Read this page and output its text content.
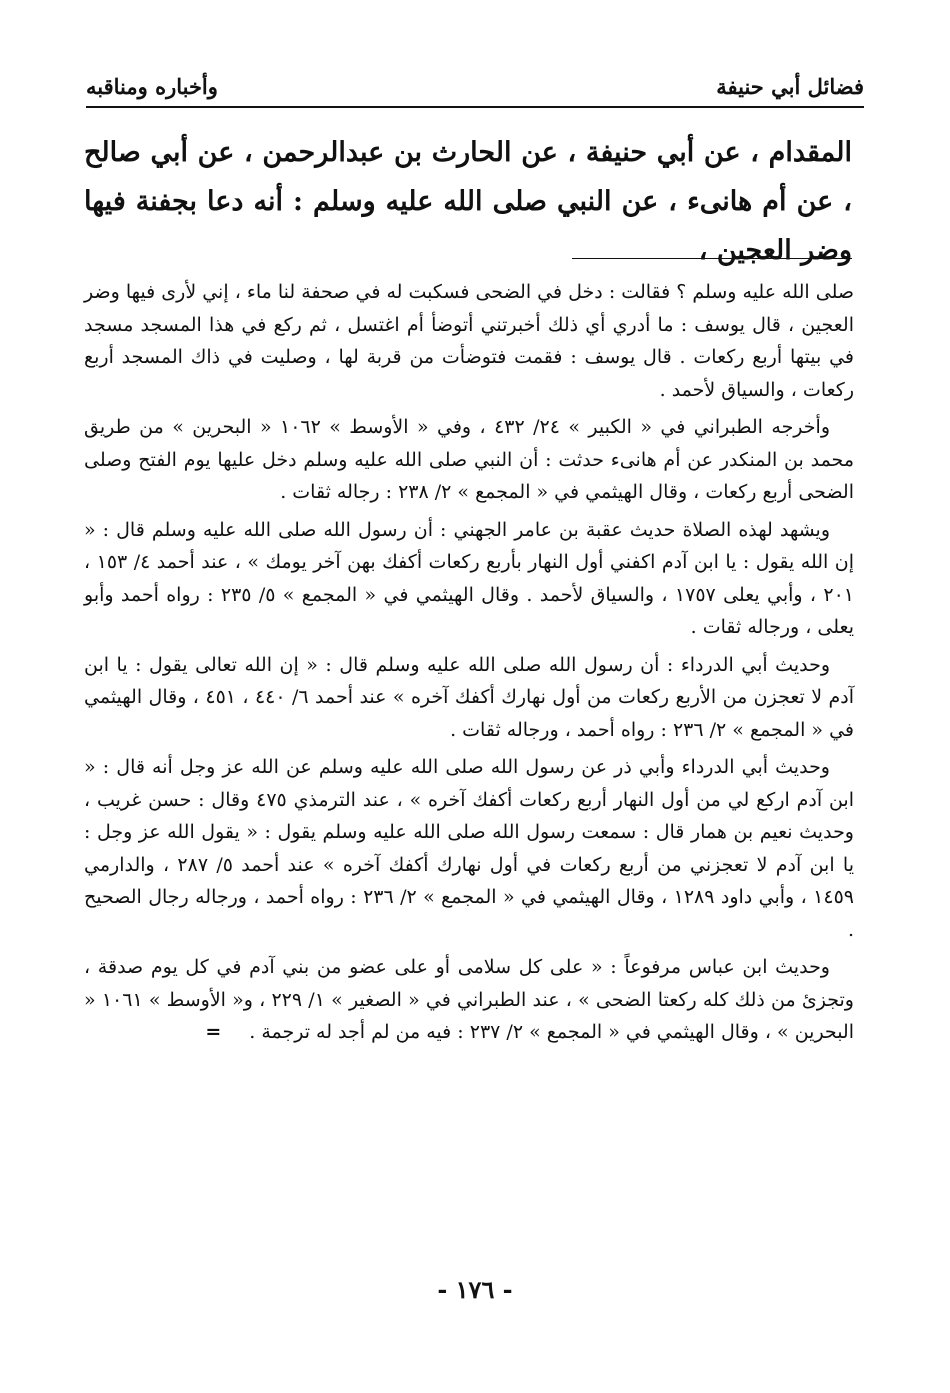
فضائل أبي حنيفة
وأخباره ومناقبه

المقدام ، عن أبي حنيفة ، عن الحارث بن عبدالرحمن ، عن أبي صالح ، عن أم هانىء ، عن النبي صلى الله عليه وسلم : أنه دعا بجفنة فيها وضر العجين ،

صلى الله عليه وسلم ؟ فقالت : دخل في الضحى فسكبت له في صحفة لنا ماء ، إني لأرى فيها وضر العجين ، قال يوسف : ما أدري أي ذلك أخبرتني أتوضأ أم اغتسل ، ثم ركع في هذا المسجد مسجد في بيتها أربع ركعات . قال يوسف : فقمت فتوضأت من قربة لها ، وصليت في ذاك المسجد أربع ركعات ، والسياق لأحمد .

وأخرجه الطبراني في « الكبير » ٢٤/ ٤٣٢ ، وفي « الأوسط » ١٠٦٢ « البحرين » من طريق محمد بن المنكدر عن أم هانىء حدثت : أن النبي صلى الله عليه وسلم دخل عليها يوم الفتح وصلى الضحى أربع ركعات ، وقال الهيثمي في « المجمع » ٢/ ٢٣٨ : رجاله ثقات .

ويشهد لهذه الصلاة حديث عقبة بن عامر الجهني : أن رسول الله صلى الله عليه وسلم قال : « إن الله يقول : يا ابن آدم اكفني أول النهار بأربع ركعات أكفك بهن آخر يومك » ، عند أحمد ٤/ ١٥٣ ، ٢٠١ ، وأبي يعلى ١٧٥٧ ، والسياق لأحمد . وقال الهيثمي في « المجمع » ٥/ ٢٣٥ : رواه أحمد وأبو يعلى ، ورجاله ثقات .

وحديث أبي الدرداء : أن رسول الله صلى الله عليه وسلم قال : « إن الله تعالى يقول : يا ابن آدم لا تعجزن من الأربع ركعات من أول نهارك أكفك آخره » عند أحمد ٦/ ٤٤٠ ، ٤٥١ ، وقال الهيثمي في « المجمع » ٢/ ٢٣٦ : رواه أحمد ، ورجاله ثقات .

وحديث أبي الدرداء وأبي ذر عن رسول الله صلى الله عليه وسلم عن الله عز وجل أنه قال : « ابن آدم اركع لي من أول النهار أربع ركعات أكفك آخره » ، عند الترمذي ٤٧٥ وقال : حسن غريب ، وحديث نعيم بن همار قال : سمعت رسول الله صلى الله عليه وسلم يقول : « يقول الله عز وجل : يا ابن آدم لا تعجزني من أربع ركعات في أول نهارك أكفك آخره » عند أحمد ٥/ ٢٨٧ ، والدارمي ١٤٥٩ ، وأبي داود ١٢٨٩ ، وقال الهيثمي في « المجمع » ٢/ ٢٣٦ : رواه أحمد ، ورجاله رجال الصحيح .

وحديث ابن عباس مرفوعاً : « على كل سلامى أو على عضو من بني آدم في كل يوم صدقة ، وتجزئ من ذلك كله ركعتا الضحى » ، عند الطبراني في « الصغير » ١/ ٢٢٩ ، و« الأوسط » ١٠٦١ « البحرين » ، وقال الهيثمي في « المجمع » ٢/ ٢٣٧ : فيه من لم أجد له ترجمة .=

- ١٧٦ -
